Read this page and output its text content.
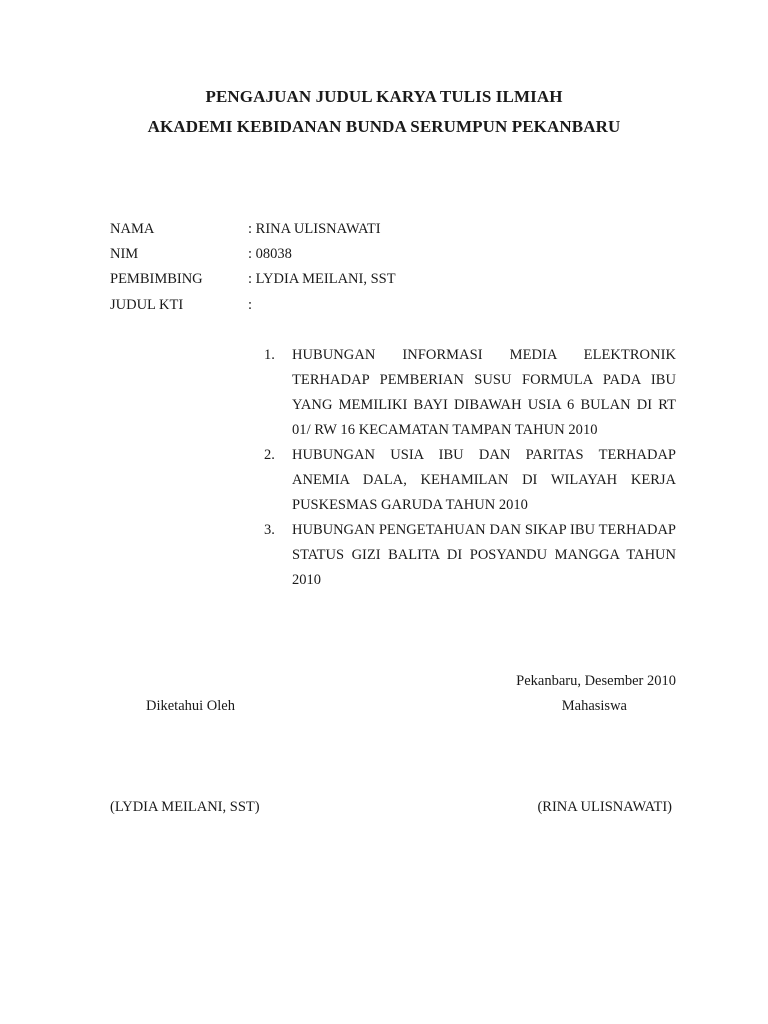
PENGAJUAN JUDUL KARYA TULIS ILMIAH
AKADEMI KEBIDANAN BUNDA SERUMPUN PEKANBARU
NAMA	: RINA ULISNAWATI
NIM	: 08038
PEMBIMBING	: LYDIA MEILANI, SST
JUDUL KTI	:
1. HUBUNGAN INFORMASI MEDIA ELEKTRONIK TERHADAP PEMBERIAN SUSU FORMULA PADA IBU YANG MEMILIKI BAYI DIBAWAH USIA 6 BULAN DI RT 01/ RW 16 KECAMATAN TAMPAN TAHUN 2010
2. HUBUNGAN USIA IBU DAN PARITAS TERHADAP ANEMIA DALA, KEHAMILAN DI WILAYAH KERJA PUSKESMAS GARUDA TAHUN 2010
3. HUBUNGAN PENGETAHUAN DAN SIKAP IBU TERHADAP STATUS GIZI BALITA DI POSYANDU MANGGA TAHUN 2010
Pekanbaru, Desember 2010
Diketahui Oleh	Mahasiswa
(LYDIA MEILANI, SST)	(RINA ULISNAWATI)
